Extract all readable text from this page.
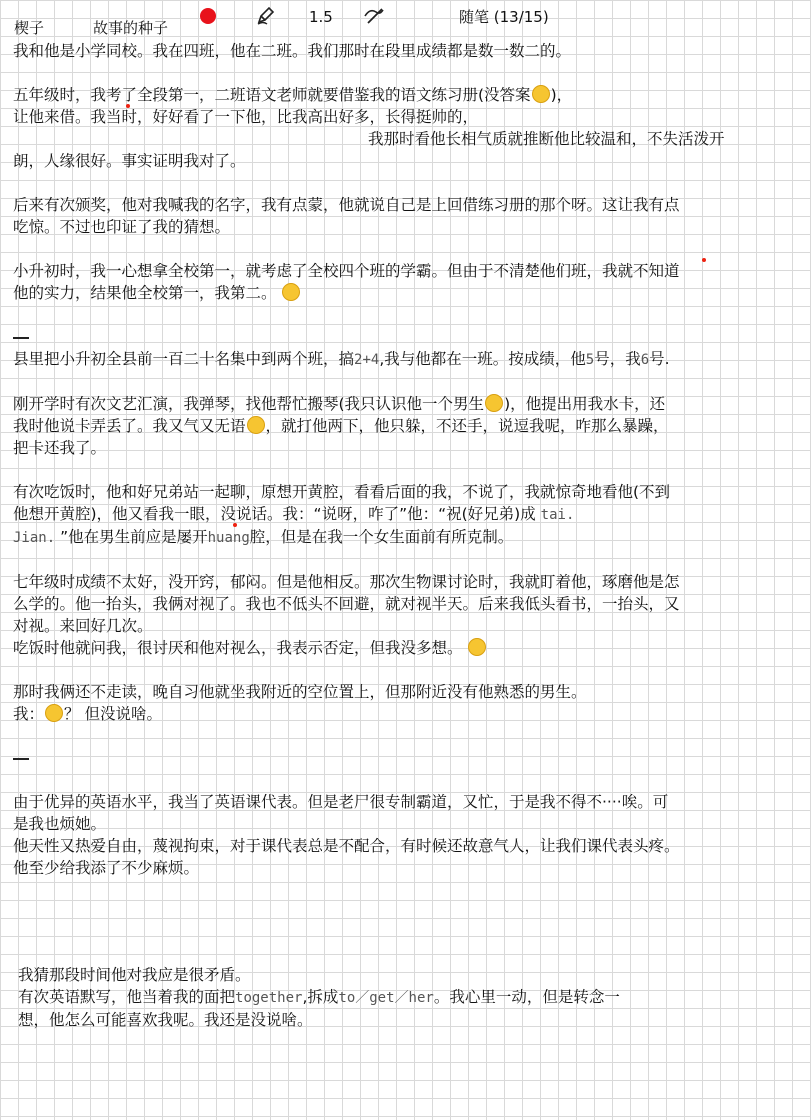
楔子	故事的种子
1.5	随笔 (13/15)

我和他是小学同校。我在四班，他在二班。我们那时在段里成绩都是数一数二的。

五年级时，我考了全段第一，二班语文老师就要借鉴我的语文练习册(没答案 )，

让他来借。我当时，好好看了一下他，比我高出好多，长得挺帅的，

我那时看他长相气质就推断他比较温和，不失活泼开

朗，人缘很好。事实证明我对了。

后来有次颁奖，他对我喊我的名字，我有点蒙，他就说自己是上回借练习册的那个呀。这让我有点

吃惊。不过也印证了我的猜想。

小升初时，我一心想拿全校第一，就考虑了全校四个班的学霸。但由于不清楚他们班，我就不知道

他的实力，结果他全校第一，我第二。

县里把小升初全县前一百二十名集中到两个班，搞2+4,我与他都在一班。按成绩，他5号，我6号.

刚开学时有次文艺汇演，我弹琴，找他帮忙搬琴(我只认识他一个男生 )，他提出用我水卡，还

我时他说卡弄丢了。我又气又无语 ，就打他两下，他只躲，不还手，说逗我呢，咋那么暴躁，

把卡还我了。

有次吃饭时，他和好兄弟站一起聊，原想开黄腔，看看后面的我，不说了，我就惊奇地看他(不到

他想开黄腔)，他又看我一眼，没说话。我：“说呀，咋了”他：“祝(好兄弟)成 tai.

Jian. ”他在男生前应是屡开huang腔，但是在我一个女生面前有所克制。

七年级时成绩不太好，没开窍，郁闷。但是他相反。那次生物课讨论时，我就盯着他，琢磨他是怎

么学的。他一抬头，我俩对视了。我也不低头不回避，就对视半天。后来我低头看书，一抬头，又

对视。来回好几次。

吃饭时他就问我，很讨厌和他对视么，我表示否定，但我没多想。

那时我俩还不走读，晚自习他就坐我附近的空位置上，但那附近没有他熟悉的男生。

我： ？ 但没说啥。

由于优异的英语水平，我当了英语课代表。但是老尸很专制霸道，又忙，于是我不得不····唉。可

是我也烦她。

他天性又热爱自由，蔑视拘束，对于课代表总是不配合，有时候还故意气人，让我们课代表头疼。

他至少给我添了不少麻烦。

我猜那段时间他对我应是很矛盾。

有次英语默写，他当着我的面把together,拆成to／get／her。我心里一动，但是转念一

想，他怎么可能喜欢我呢。我还是没说啥。
